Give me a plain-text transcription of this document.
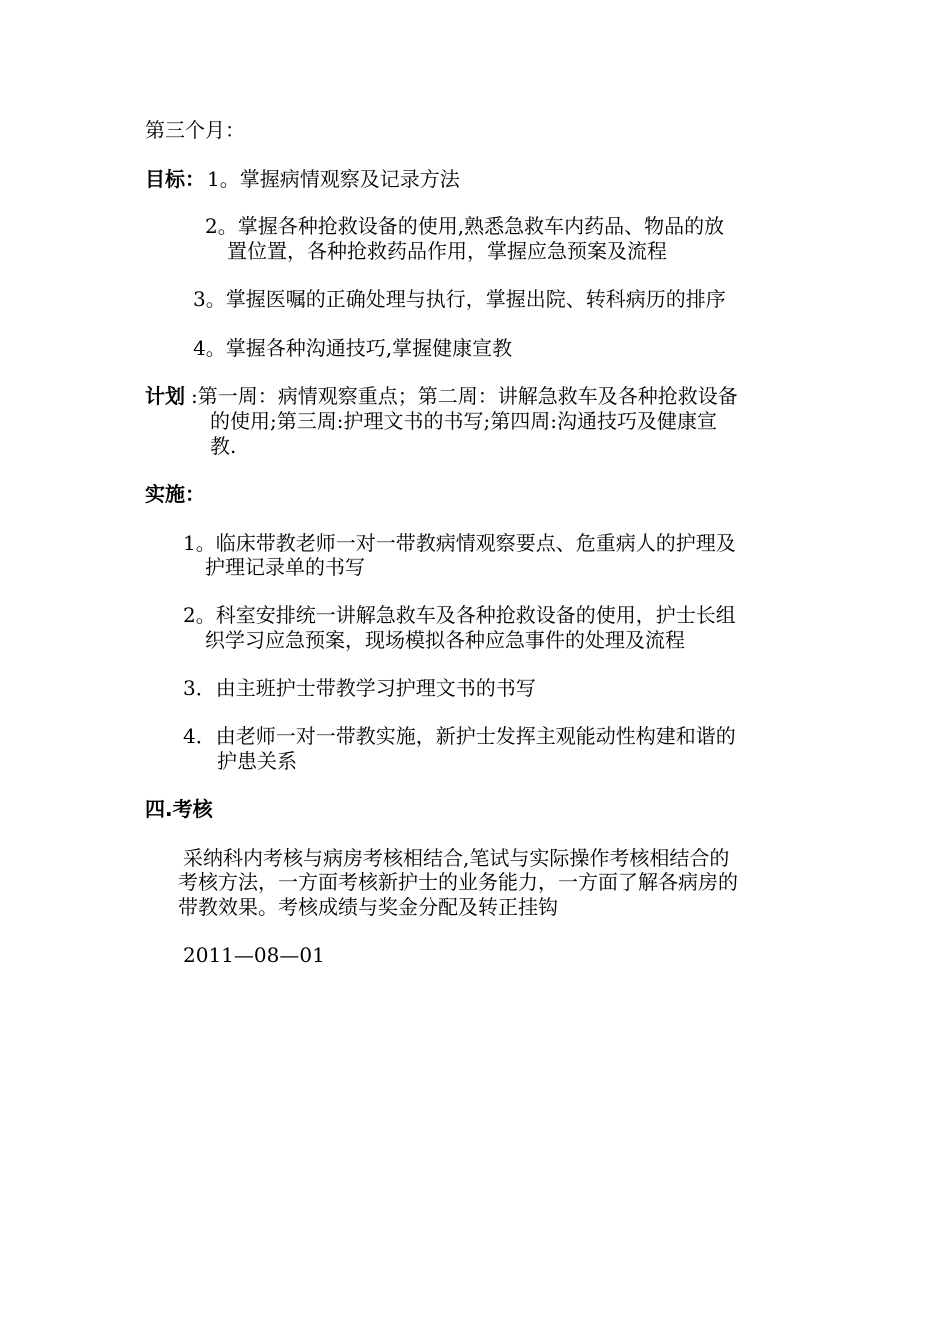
第三个月：
目标： 1。掌握病情观察及记录方法
2。掌握各种抢救设备的使用,熟悉急救车内药品、物品的放
置位置，各种抢救药品作用，掌握应急预案及流程
3。掌握医嘱的正确处理与执行，掌握出院、转科病历的排序
4。掌握各种沟通技巧,掌握健康宣教
计划 :第一周：病情观察重点；第二周：讲解急救车及各种抢救设备
的使用;第三周:护理文书的书写;第四周:沟通技巧及健康宣
教.
实施：
1。临床带教老师一对一带教病情观察要点、危重病人的护理及
护理记录单的书写
2。科室安排统一讲解急救车及各种抢救设备的使用，护士长组
织学习应急预案，现场模拟各种应急事件的处理及流程
3．由主班护士带教学习护理文书的书写
4．由老师一对一带教实施，新护士发挥主观能动性构建和谐的
护患关系
四.考核
采纳科内考核与病房考核相结合,笔试与实际操作考核相结合的
考核方法，一方面考核新护士的业务能力，一方面了解各病房的
带教效果。考核成绩与奖金分配及转正挂钩
2011—08—01
